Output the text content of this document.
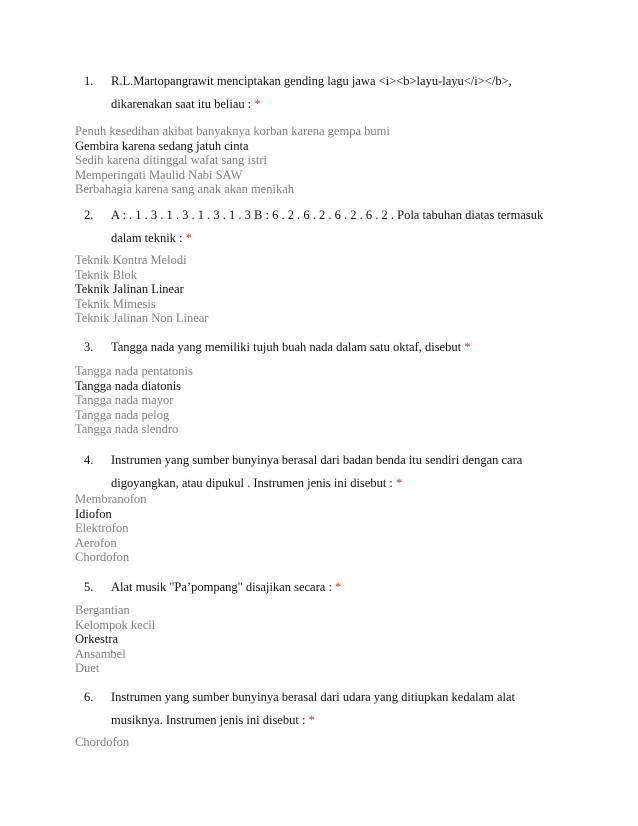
1.	R.L.Martopangrawit menciptakan gending lagu jawa <i><b>layu-layu</i></b>, dikarenakan saat itu beliau : *
Penuh kesedihan akibat banyaknya korban karena gempa bumi
Gembira karena sedang jatuh cinta
Sedih karena ditinggal wafat sang istri
Memperingati Maulid Nabi SAW
Berbahagia karena sang anak akan menikah
2.	A : . 1 . 3 . 1 . 3 . 1 . 3 . 1 . 3 B : 6 . 2 . 6 . 2 . 6 . 2 . 6 . 2 . Pola tabuhan diatas termasuk dalam teknik : *
Teknik Kontra Melodi
Teknik Blok
Teknik Jalinan Linear
Teknik Mimesis
Teknik Jalinan Non Linear
3.	Tangga nada yang memiliki tujuh buah nada dalam satu oktaf, disebut *
Tangga nada pentatonis
Tangga nada diatonis
Tangga nada mayor
Tangga nada pelog
Tangga nada slendro
4.	Instrumen yang sumber bunyinya berasal dari badan benda itu sendiri dengan cara digoyangkan, atau dipukul . Instrumen jenis ini disebut : *
Membranofon
Idiofon
Elektrofon
Aerofon
Chordofon
5.	Alat musik "Pa’pompang" disajikan secara : *
Bergantian
Kelompok kecil
Orkestra
Ansambel
Duet
6.	Instrumen yang sumber bunyinya berasal dari udara yang ditiupkan kedalam alat musiknya. Instrumen jenis ini disebut : *
Chordofon
